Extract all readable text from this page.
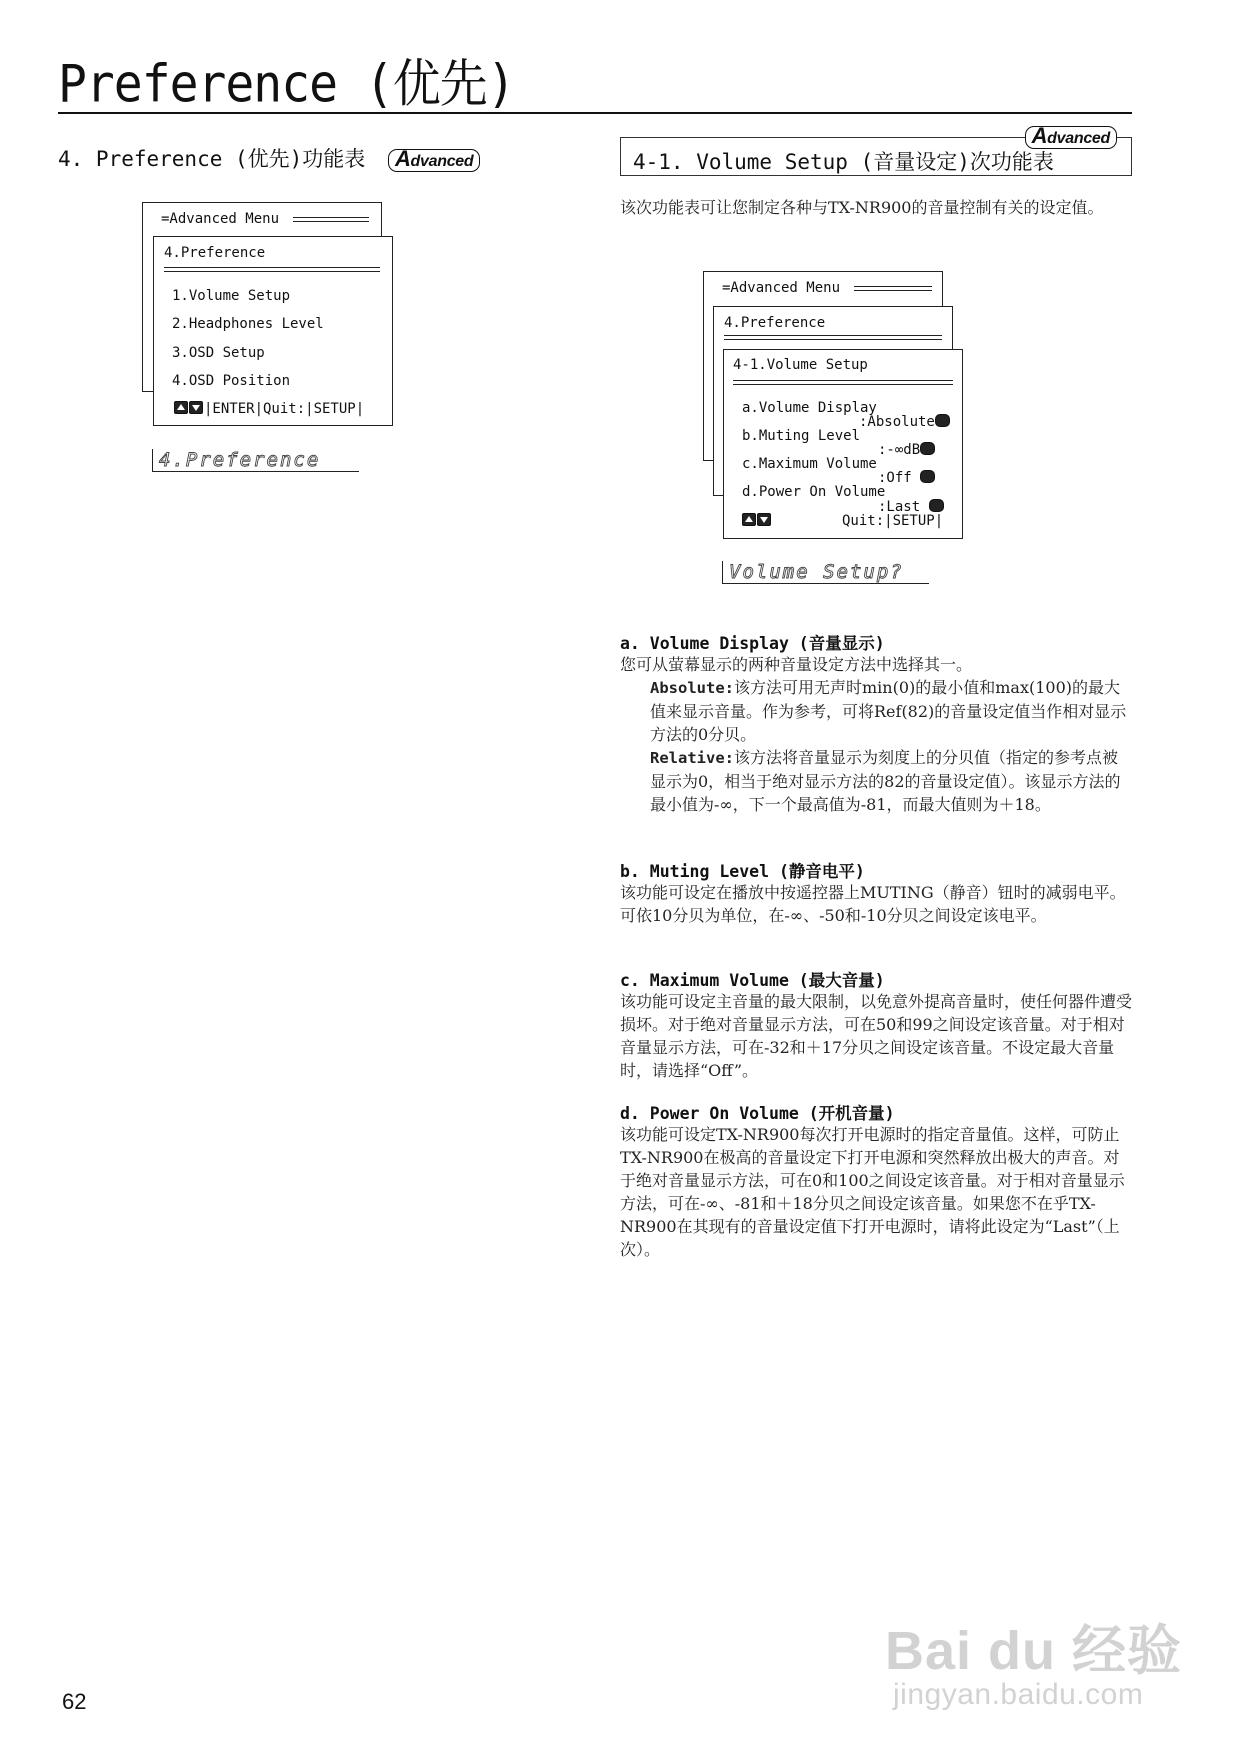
Preference (优先)
4. Preference (优先)功能表 Advanced
=Advanced Menu
4.Preference
1.Volume Setup
2.Headphones Level
3.OSD Setup
4.OSD Position
|ENTER|Quit:|SETUP|
4.Preference
4-1. Volume Setup (音量设定)次功能表
Advanced
该次功能表可让您制定各种与TX-NR900的音量控制有关的设定值。
=Advanced Menu
4.Preference
4-1.Volume Setup
a.Volume Display
:Absolute
b.Muting Level
:-∞dB
c.Maximum Volume
:Off
d.Power On Volume
:Last
Quit:|SETUP|
Volume Setup?
a. Volume Display (音量显示)
您可从萤幕显示的两种音量设定方法中选择其一。
Absolute:该方法可用无声时min(0)的最小值和max(100)的最大值来显示音量。作为参考，可将Ref(82)的音量设定值当作相对显示方法的0分贝。
Relative:该方法将音量显示为刻度上的分贝值（指定的参考点被显示为0，相当于绝对显示方法的82的音量设定值）。该显示方法的最小值为-∞，下一个最高值为-81，而最大值则为＋18。
b. Muting Level (静音电平)
该功能可设定在播放中按遥控器上MUTING（静音）钮时的减弱电平。可依10分贝为单位，在-∞、-50和-10分贝之间设定该电平。
c. Maximum Volume (最大音量)
该功能可设定主音量的最大限制，以免意外提高音量时，使任何器件遭受损坏。对于绝对音量显示方法，可在50和99之间设定该音量。对于相对音量显示方法，可在-32和＋17分贝之间设定该音量。不设定最大音量时，请选择“Off”。
d. Power On Volume (开机音量)
该功能可设定TX-NR900每次打开电源时的指定音量值。这样，可防止TX-NR900在极高的音量设定下打开电源和突然释放出极大的声音。对于绝对音量显示方法，可在0和100之间设定该音量。对于相对音量显示方法，可在-∞、-81和＋18分贝之间设定该音量。如果您不在乎TX-NR900在其现有的音量设定值下打开电源时，请将此设定为“Last”（上次）。
62
Bai du 经验
jingyan.baidu.com
